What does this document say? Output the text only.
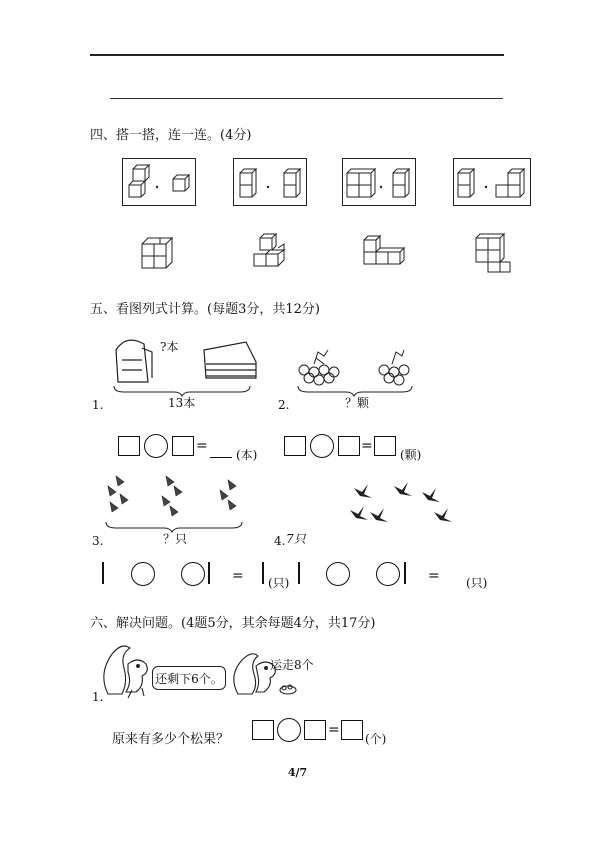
四、搭一搭，连一连。(4分)
五、看图列式计算。(每题3分，共12分)
?本
1.	13本	2.	？颗
=
(本)
=
(颗)
3.	？只	4. 7只
= (只)	= (只)
六、解决问题。(4题5分，其余每题4分，共17分)
还剩下6个。
运走8个
1.
原来有多少个松果？
=
(个)
4/7
